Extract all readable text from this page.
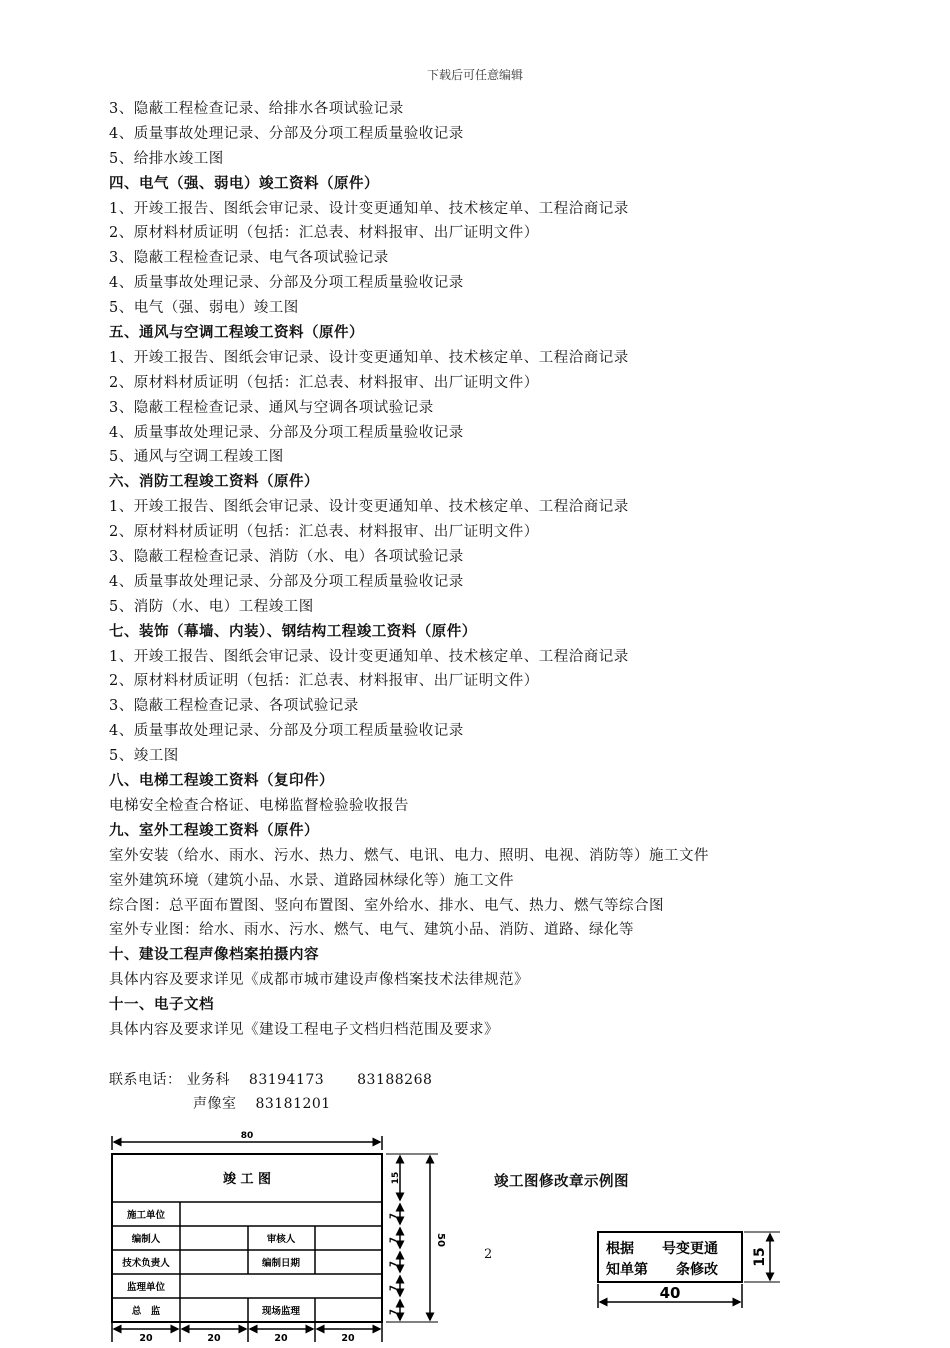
下载后可任意编辑
3、隐蔽工程检查记录、给排水各项试验记录
4、质量事故处理记录、分部及分项工程质量验收记录
5、给排水竣工图
四、电气（强、弱电）竣工资料（原件）
1、开竣工报告、图纸会审记录、设计变更通知单、技术核定单、工程洽商记录
2、原材料材质证明（包括：汇总表、材料报审、出厂证明文件）
3、隐蔽工程检查记录、电气各项试验记录
4、质量事故处理记录、分部及分项工程质量验收记录
5、电气（强、弱电）竣工图
五、通风与空调工程竣工资料（原件）
1、开竣工报告、图纸会审记录、设计变更通知单、技术核定单、工程洽商记录
2、原材料材质证明（包括：汇总表、材料报审、出厂证明文件）
3、隐蔽工程检查记录、通风与空调各项试验记录
4、质量事故处理记录、分部及分项工程质量验收记录
5、通风与空调工程竣工图
六、消防工程竣工资料（原件）
1、开竣工报告、图纸会审记录、设计变更通知单、技术核定单、工程洽商记录
2、原材料材质证明（包括：汇总表、材料报审、出厂证明文件）
3、隐蔽工程检查记录、消防（水、电）各项试验记录
4、质量事故处理记录、分部及分项工程质量验收记录
5、消防（水、电）工程竣工图
七、装饰（幕墙、内装）、钢结构工程竣工资料（原件）
1、开竣工报告、图纸会审记录、设计变更通知单、技术核定单、工程洽商记录
2、原材料材质证明（包括：汇总表、材料报审、出厂证明文件）
3、隐蔽工程检查记录、各项试验记录
4、质量事故处理记录、分部及分项工程质量验收记录
5、竣工图
八、电梯工程竣工资料（复印件）
电梯安全检查合格证、电梯监督检验验收报告
九、室外工程竣工资料（原件）
室外安装（给水、雨水、污水、热力、燃气、电讯、电力、照明、电视、消防等）施工文件
室外建筑环境（建筑小品、水景、道路园林绿化等）施工文件
综合图：总平面布置图、竖向布置图、室外给水、排水、电气、热力、燃气等综合图
室外专业图：给水、雨水、污水、燃气、电气、建筑小品、消防、道路、绿化等
十、建设工程声像档案拍摄内容
具体内容及要求详见《成都市城市建设声像档案技术法律规范》
十一、电子文档
具体内容及要求详见《建设工程电子文档归档范围及要求》
联系电话： 业务科 83194173 83188268
声像室 83181201
80
竣 工 图
施工单位
编制人	审核人
技术负责人	编制日期
监理单位
总　监	现场监理
50
15
7
7
7
7
7
20	20	20	20
竣工图修改章示例图
2	根据　　号变更通
知单第　　条修改
15
40
